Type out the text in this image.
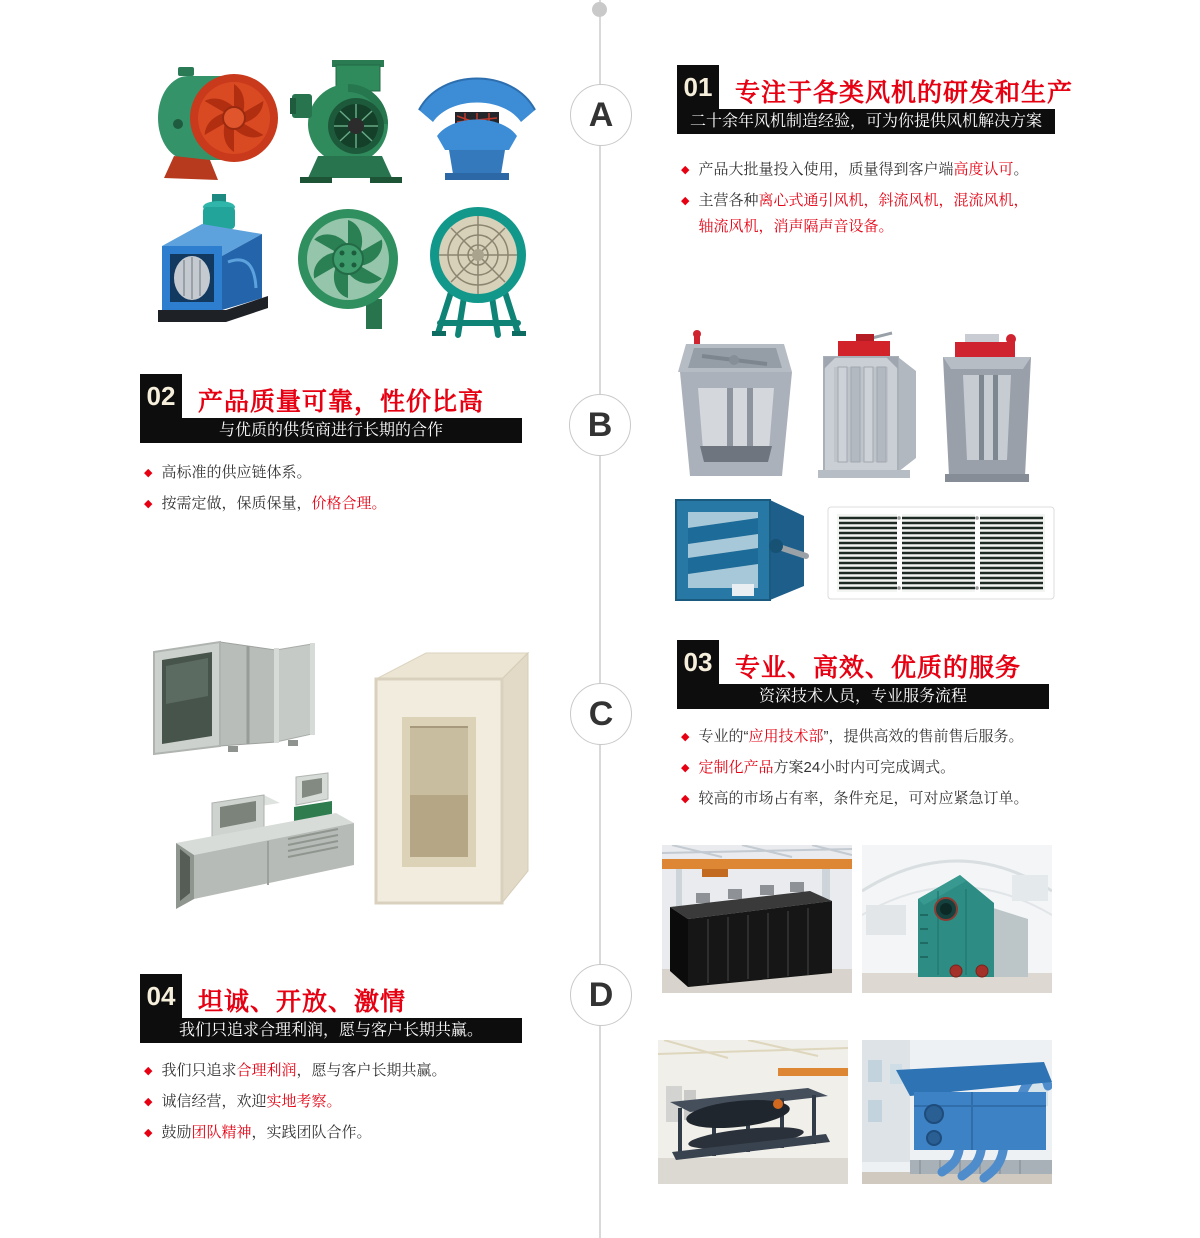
A
B
C
D
01 专注于各类风机的研发和生产
二十余年风机制造经验，可为你提供风机解决方案
◆ 产品大批量投入使用，质量得到客户端高度认可。
◆ 主营各种离心式通引风机，斜流风机，混流风机，轴流风机，消声隔声音设备。
02 产品质量可靠，性价比高
与优质的供货商进行长期的合作
◆ 高标准的供应链体系。
◆ 按需定做，保质保量，价格合理。
03 专业、高效、优质的服务
资深技术人员，专业服务流程
◆ 专业的“应用技术部”，提供高效的售前售后服务。
◆ 定制化产品方案24小时内可完成调式。
◆ 较高的市场占有率，条件充足，可对应紧急订单。
04 坦诚、开放、激情
我们只追求合理利润，愿与客户长期共赢。
◆ 我们只追求合理利润，愿与客户长期共赢。
◆ 诚信经营，欢迎实地考察。
◆ 鼓励团队精神，实践团队合作。
